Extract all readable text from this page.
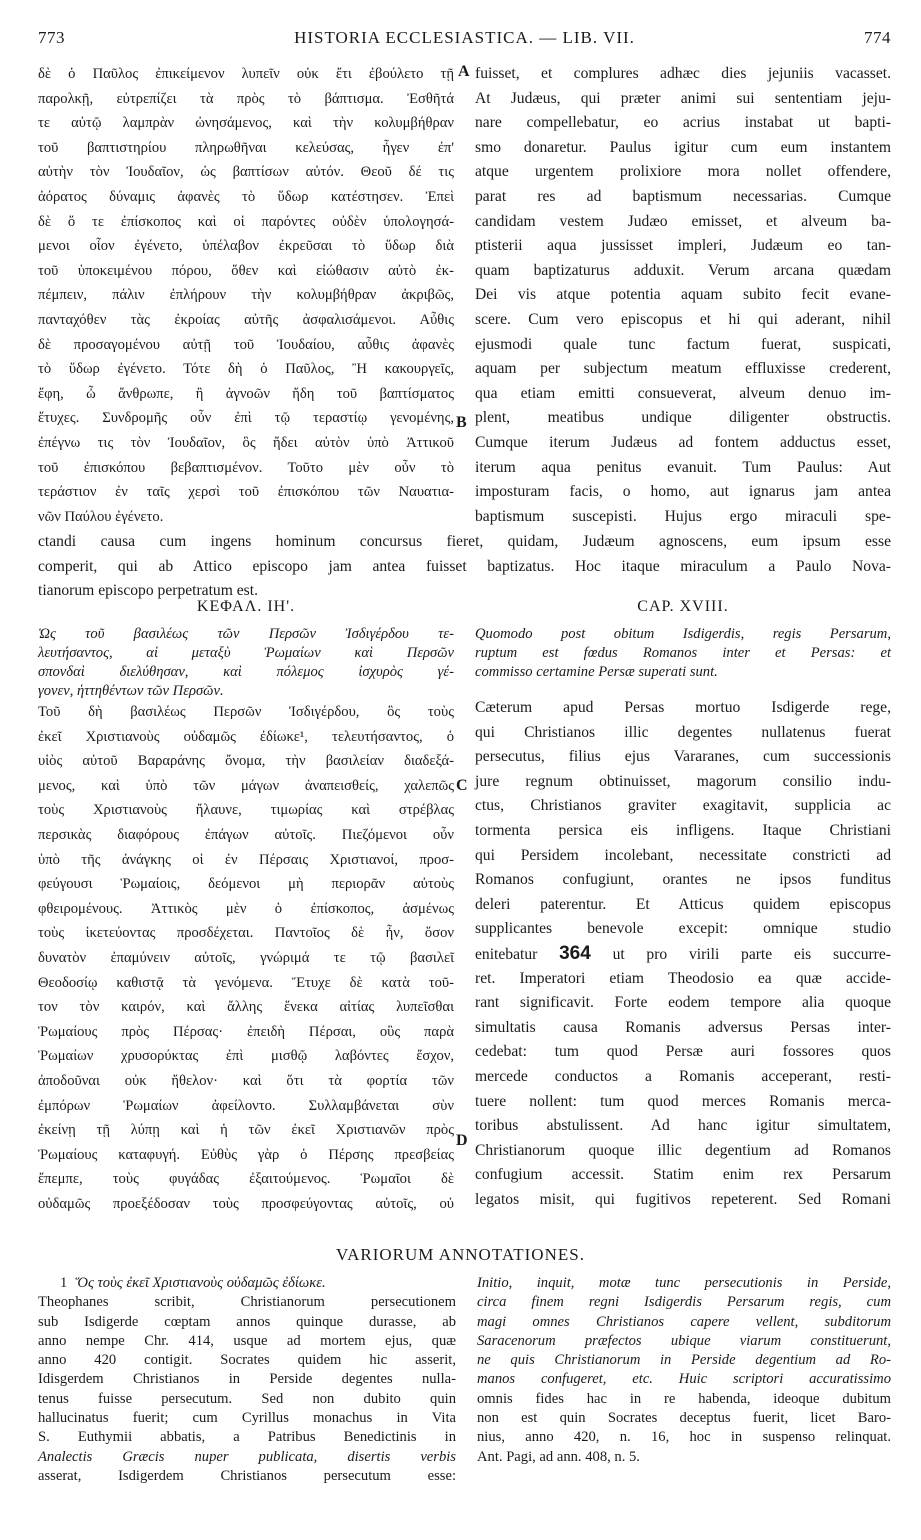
773	HISTORIA ECCLESIASTICA. — LIB. VII.	774
δὲ ὁ Παῦλος ἐπικείμενον λυπεῖν οὐκ ἔτι ἐβούλετο τῇ
παρολκῇ, εὐτρεπίζει τὰ πρὸς τὸ βάπτισμα. Ἐσθῆτά
τε αὐτῷ λαμπρὰν ὠνησάμενος, καὶ τὴν κολυμβήθραν
τοῦ βαπτιστηρίου πληρωθῆναι κελεύσας, ἦγεν ἐπ'
αὐτὴν τὸν Ἰουδαῖον, ὡς βαπτίσων αὐτόν. Θεοῦ δέ τις
ἀόρατος δύναμις ἀφανὲς τὸ ὕδωρ κατέστησεν. Ἐπεὶ
δὲ ὅ τε ἐπίσκοπος καὶ οἱ παρόντες οὐδὲν ὑπολογησά-
μενοι οἷον ἐγένετο, ὑπέλαβον ἐκρεῦσαι τὸ ὕδωρ διὰ
τοῦ ὑποκειμένου πόρου, ὅθεν καὶ εἰώθασιν αὐτὸ ἐκ-
πέμπειν, πάλιν ἐπλήρουν τὴν κολυμβήθραν ἀκριβῶς,
πανταχόθεν τὰς ἐκροίας αὐτῆς ἀσφαλισάμενοι. Αὖθις
δὲ προσαγομένου αὐτῇ τοῦ Ἰουδαίου, αὖθις ἀφανὲς
τὸ ὕδωρ ἐγένετο. Τότε δὴ ὁ Παῦλος, Ἢ κακουργεῖς,
ἔφη, ὦ ἄνθρωπε, ἢ ἀγνοῶν ἤδη τοῦ βαπτίσματος
ἔτυχες. Συνδρομῆς οὖν ἐπὶ τῷ τεραστίῳ γενομένης,
ἐπέγνω τις τὸν Ἰουδαῖον, ὃς ἤδει αὐτὸν ὑπὸ Ἀττικοῦ
τοῦ ἐπισκόπου βεβαπτισμένον. Τοῦτο μὲν οὖν τὸ
τεράστιον ἐν ταῖς χερσὶ τοῦ ἐπισκόπου τῶν Ναυατια-
νῶν Παύλου ἐγένετο.
fuisset, et complures adhæc dies jejuniis vacasset.
At Judæus, qui præter animi sui sententiam jeju-
nare compellebatur, eo acrius instabat ut bapti-
smo donaretur. Paulus igitur cum eum instantem
atque urgentem prolixiore mora nollet offendere,
parat res ad baptismum necessarias. Cumque
candidam vestem Judæo emisset, et alveum ba-
ptisterii aqua jussisset impleri, Judæum eo tan-
quam baptizaturus adduxit. Verum arcana quædam
Dei vis atque potentia aquam subito fecit evane-
scere. Cum vero episcopus et hi qui aderant, nihil
ejusmodi quale tunc factum fuerat, suspicati,
aquam per subjectum meatum effluxisse crederent,
qua etiam emitti consueverat, alveum denuo im-
plent, meatibus undique diligenter obstructis.
Cumque iterum Judæus ad fontem adductus esset,
iterum aqua penitus evanuit. Tum Paulus: Aut
imposturam facis, o homo, aut ignarus jam antea
baptismum suscepisti. Hujus ergo miraculi spe-
A
B
ctandi causa cum ingens hominum concursus fieret, quidam, Judæum agnoscens, eum ipsum esse
comperit, qui ab Attico episcopo jam antea fuisset baptizatus. Hoc itaque miraculum a Paulo Nova-
tianorum episcopo perpetratum est.
ΚΕΦΑΛ. ΙΗ'.	CAP. XVIII.
Ὡς τοῦ βασιλέως τῶν Περσῶν Ἰσδιγέρδου τε-
λευτήσαντος, αἱ μεταξὺ Ῥωμαίων καὶ Περσῶν
σπονδαὶ διελύθησαν, καὶ πόλεμος ἰσχυρὸς γέ-
γονεν, ἡττηθέντων τῶν Περσῶν.
Quomodo post obitum Isdigerdis, regis Persarum,
ruptum est fœdus Romanos inter et Persas: et
commisso certamine Persæ superati sunt.
Τοῦ δὴ βασιλέως Περσῶν Ἰσδιγέρδου, ὃς τοὺς
ἐκεῖ Χριστιανοὺς οὐδαμῶς ἐδίωκε¹, τελευτήσαντος, ὁ
υἱὸς αὐτοῦ Βαραράνης ὄνομα, τὴν βασιλείαν διαδεξά-
μενος, καὶ ὑπὸ τῶν μάγων ἀναπεισθείς, χαλεπῶς
τοὺς Χριστιανοὺς ἤλαυνε, τιμωρίας καὶ στρέβλας
περσικὰς διαφόρους ἐπάγων αὐτοῖς. Πιεζόμενοι οὖν
ὑπὸ τῆς ἀνάγκης οἱ ἐν Πέρσαις Χριστιανοί, προσ-
φεύγουσι Ῥωμαίοις, δεόμενοι μὴ περιορᾶν αὐτοὺς
φθειρομένους. Ἀττικὸς μὲν ὁ ἐπίσκοπος, ἀσμένως
τοὺς ἱκετεύοντας προσδέχεται. Παντοῖος δὲ ἦν, ὅσον
δυνατὸν ἐπαμύνειν αὐτοῖς, γνώριμά τε τῷ βασιλεῖ
Θεοδοσίῳ καθιστᾷ τὰ γενόμενα. Ἔτυχε δὲ κατὰ τοῦ-
τον τὸν καιρόν, καὶ ἄλλης ἕνεκα αἰτίας λυπεῖσθαι
Ῥωμαίους πρὸς Πέρσας· ἐπειδὴ Πέρσαι, οὓς παρὰ
Ῥωμαίων χρυσορύκτας ἐπὶ μισθῷ λαβόντες ἔσχον,
ἀποδοῦναι οὐκ ἤθελον· καὶ ὅτι τὰ φορτία τῶν
ἐμπόρων Ῥωμαίων ἀφείλοντο. Συλλαμβάνεται σὺν
ἐκείνῃ τῇ λύπῃ καὶ ἡ τῶν ἐκεῖ Χριστιανῶν πρὸς
Ῥωμαίους καταφυγή. Εὐθὺς γὰρ ὁ Πέρσης πρεσβείας
ἔπεμπε, τοὺς φυγάδας ἐξαιτούμενος. Ῥωμαῖοι δὲ
οὐδαμῶς προεξέδοσαν τοὺς προσφεύγοντας αὐτοῖς, οὐ
Cæterum apud Persas mortuo Isdigerde rege,
qui Christianos illic degentes nullatenus fuerat
persecutus, filius ejus Vararanes, cum successionis
jure regnum obtinuisset, magorum consilio indu-
ctus, Christianos graviter exagitavit, supplicia ac
tormenta persica eis infligens. Itaque Christiani
qui Persidem incolebant, necessitate constricti ad
Romanos confugiunt, orantes ne ipsos funditus
deleri paterentur. Et Atticus quidem episcopus
supplicantes benevole excepit: omnique studio
enitebatur 364 ut pro virili parte eis succurre-
ret. Imperatori etiam Theodosio ea quæ accide-
rant significavit. Forte eodem tempore alia quoque
simultatis causa Romanis adversus Persas inter-
cedebat: tum quod Persæ auri fossores quos
mercede conductos a Romanis acceperant, resti-
tuere nollent: tum quod merces Romanis merca-
toribus abstulissent. Ad hanc igitur simultatem,
Christianorum quoque illic degentium ad Romanos
confugium accessit. Statim enim rex Persarum
legatos misit, qui fugitivos repeterent. Sed Romani
C
D
VARIORUM ANNOTATIONES.
1 Ὅς τοὺς ἐκεῖ Χριστιανοὺς οὐδαμῶς ἐδίωκε.
Theophanes scribit, Christianorum persecutionem
sub Isdigerde cœptam annos quinque durasse, ab
anno nempe Chr. 414, usque ad mortem ejus, quæ
anno 420 contigit. Socrates quidem hic asserit,
Idisgerdem Christianos in Perside degentes nulla-
tenus fuisse persecutum. Sed non dubito quin
hallucinatus fuerit; cum Cyrillus monachus in Vita
S. Euthymii abbatis, a Patribus Benedictinis in
Analectis Græcis nuper publicata, disertis verbis
asserat, Isdigerdem Christianos persecutum esse:
Initio, inquit, motæ tunc persecutionis in Perside,
circa finem regni Isdigerdis Persarum regis, cum
magi omnes Christianos capere vellent, subditorum
Saracenorum præfectos ubique viarum constituerunt,
ne quis Christianorum in Perside degentium ad Ro-
manos confugeret, etc. Huic scriptori accuratissimo
omnis fides hac in re habenda, ideoque dubitum
non est quin Socrates deceptus fuerit, licet Baro-
nius, anno 420, n. 16, hoc in suspenso relinquat.
Ant. Pagi, ad ann. 408, n. 5.
